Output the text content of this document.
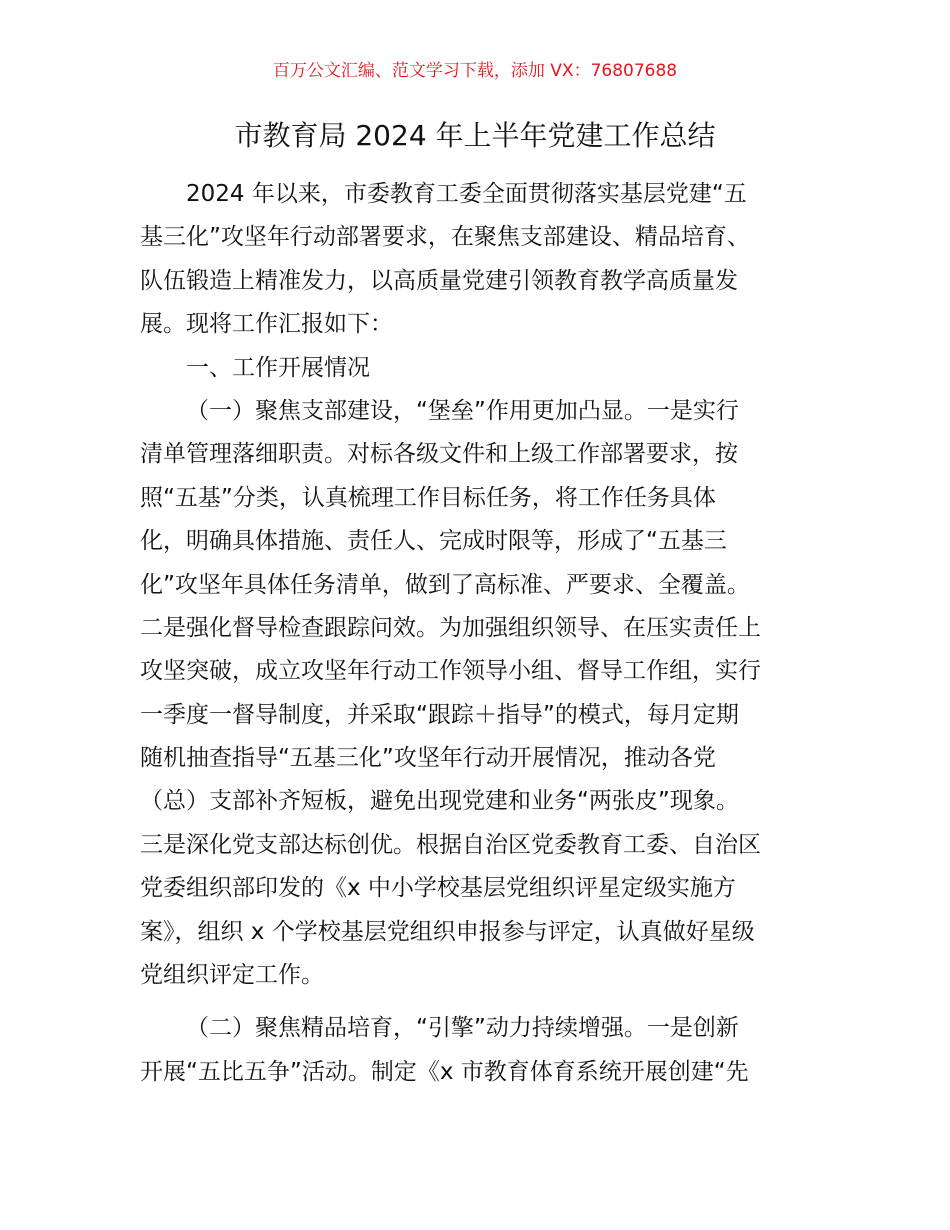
百万公文汇编、范文学习下载，添加 VX：76807688
市教育局 2024 年上半年党建工作总结
2024 年以来，市委教育工委全面贯彻落实基层党建“五
基三化”攻坚年行动部署要求，在聚焦支部建设、精品培育、
队伍锻造上精准发力，以高质量党建引领教育教学高质量发
展。现将工作汇报如下：
一、工作开展情况
（一）聚焦支部建设，“堡垒”作用更加凸显。一是实行
清单管理落细职责。对标各级文件和上级工作部署要求，按
照“五基”分类，认真梳理工作目标任务，将工作任务具体
化，明确具体措施、责任人、完成时限等，形成了“五基三
化”攻坚年具体任务清单，做到了高标准、严要求、全覆盖。
二是强化督导检查跟踪问效。为加强组织领导、在压实责任上
攻坚突破，成立攻坚年行动工作领导小组、督导工作组，实行
一季度一督导制度，并采取“跟踪＋指导”的模式，每月定期
随机抽查指导“五基三化”攻坚年行动开展情况，推动各党
（总）支部补齐短板，避免出现党建和业务“两张皮”现象。
三是深化党支部达标创优。根据自治区党委教育工委、自治区
党委组织部印发的《x 中小学校基层党组织评星定级实施方
案》，组织 x 个学校基层党组织申报参与评定，认真做好星级
党组织评定工作。
（二）聚焦精品培育，“引擎”动力持续增强。一是创新
开展“五比五争”活动。制定《x 市教育体育系统开展创建“先
